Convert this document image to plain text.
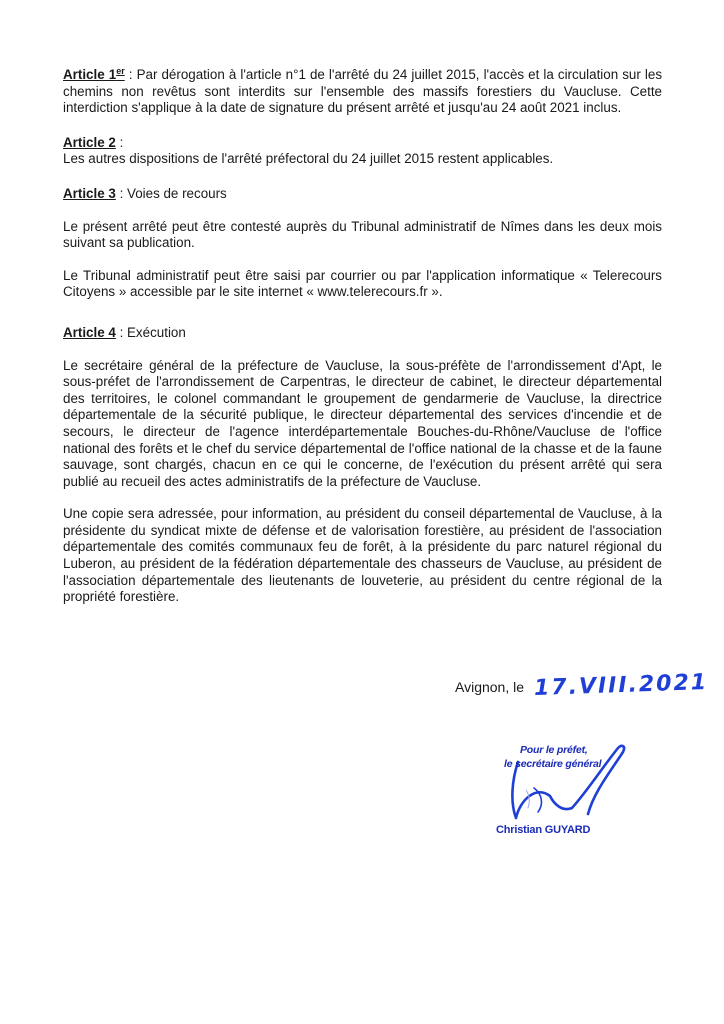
Article 1er : Par dérogation à l'article n°1 de l'arrêté du 24 juillet 2015, l'accès et la circulation sur les chemins non revêtus sont interdits sur l'ensemble des massifs forestiers du Vaucluse. Cette interdiction s'applique à la date de signature du présent arrêté et jusqu'au 24 août 2021 inclus.

Article 2 :
Les autres dispositions de l'arrêté préfectoral du 24 juillet 2015 restent applicables.

Article 3 : Voies de recours

Le présent arrêté peut être contesté auprès du Tribunal administratif de Nîmes dans les deux mois suivant sa publication.

Le Tribunal administratif peut être saisi par courrier ou par l'application informatique « Telerecours Citoyens » accessible par le site internet « www.telerecours.fr ».

Article 4 : Exécution

Le secrétaire général de la préfecture de Vaucluse, la sous-préfète de l'arrondissement d'Apt, le sous-préfet de l'arrondissement de Carpentras, le directeur de cabinet, le directeur départemental des territoires, le colonel commandant le groupement de gendarmerie de Vaucluse, la directrice départementale de la sécurité publique, le directeur départemental des services d'incendie et de secours, le directeur de l'agence interdépartementale Bouches-du-Rhône/Vaucluse de l'office national des forêts et le chef du service départemental de l'office national de la chasse et de la faune sauvage, sont chargés, chacun en ce qui le concerne, de l'exécution du présent arrêté qui sera publié au recueil des actes administratifs de la préfecture de Vaucluse.

Une copie sera adressée, pour information, au président du conseil départemental de Vaucluse, à la présidente du syndicat mixte de défense et de valorisation forestière, au président de l'association départementale des comités communaux feu de forêt, à la présidente du parc naturel régional du Luberon, au président de la fédération départementale des chasseurs de Vaucluse, au président de l'association départementale des lieutenants de louveterie, au président du centre régional de la propriété forestière.

Avignon, le 17.VIII.2021
Pour le préfet,
le secrétaire général
Christian GUYARD
